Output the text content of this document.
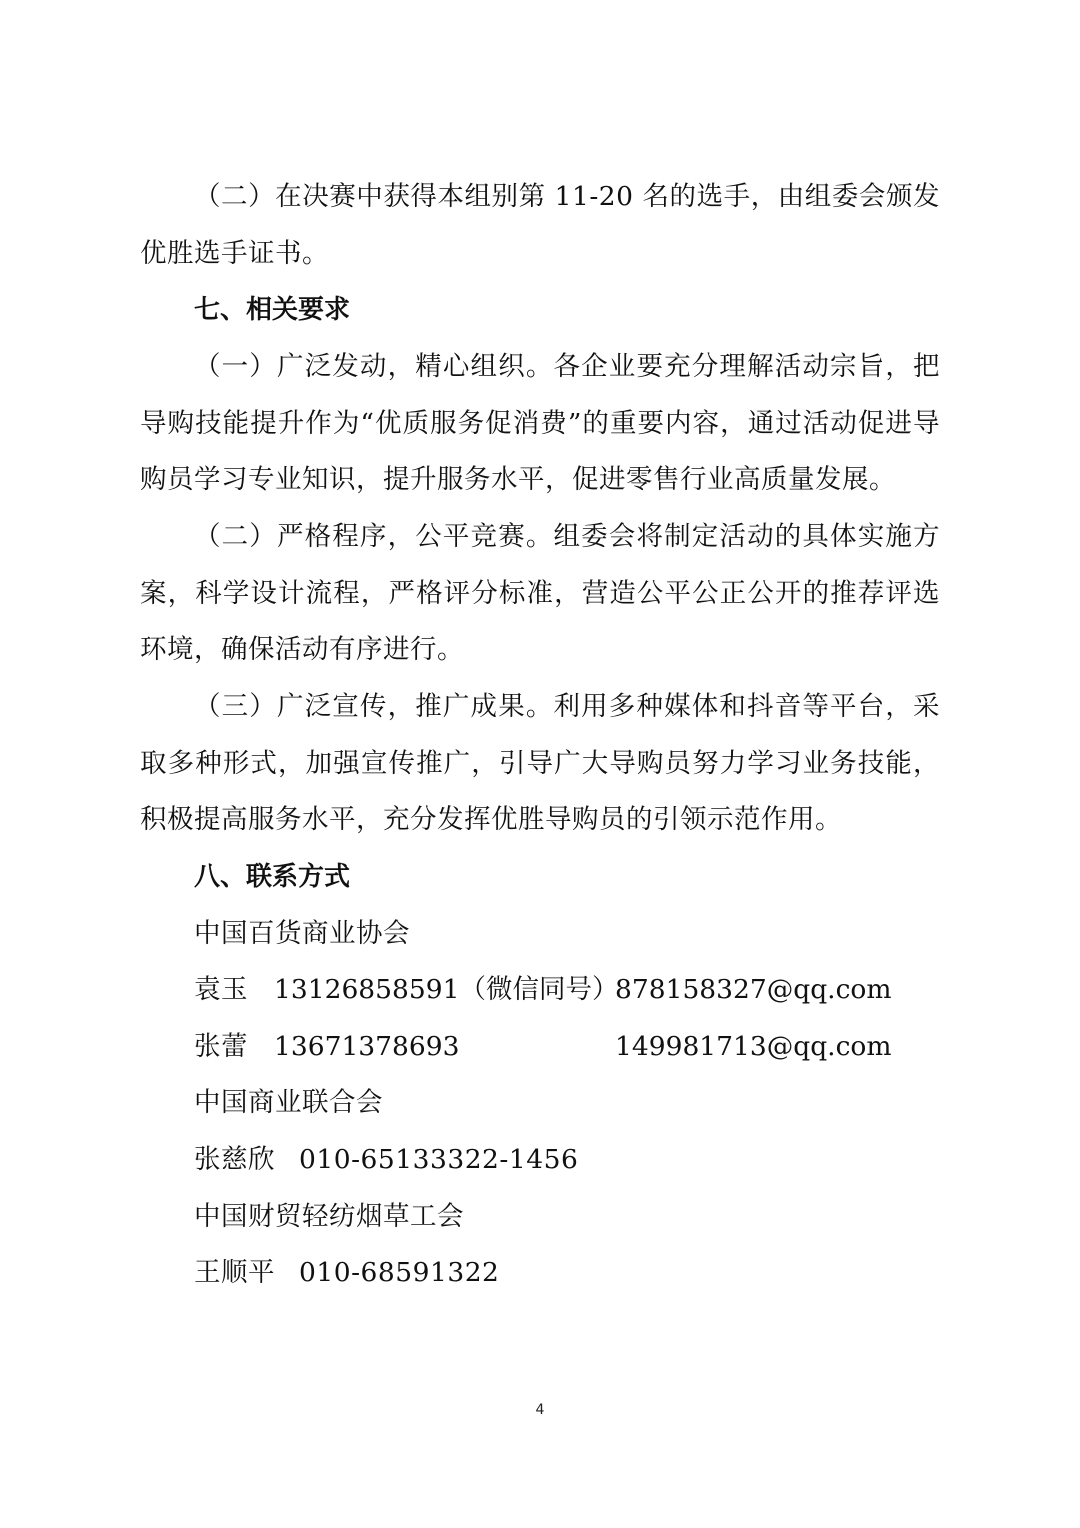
（二）在决赛中获得本组别第 11-20 名的选手，由组委会颁发优胜选手证书。

七、相关要求

（一）广泛发动，精心组织。各企业要充分理解活动宗旨，把导购技能提升作为“优质服务促消费”的重要内容，通过活动促进导购员学习专业知识，提升服务水平，促进零售行业高质量发展。

（二）严格程序，公平竞赛。组委会将制定活动的具体实施方案，科学设计流程，严格评分标准，营造公平公正公开的推荐评选环境，确保活动有序进行。

（三）广泛宣传，推广成果。利用多种媒体和抖音等平台，采取多种形式，加强宣传推广，引导广大导购员努力学习业务技能，积极提高服务水平，充分发挥优胜导购员的引领示范作用。

八、联系方式

中国百货商业协会

袁玉 13126858591（微信同号）
878158327@qq.com
张蕾 13671378693	149981713@qq.com

中国商业联合会

张慈欣 010-65133322-1456

中国财贸轻纺烟草工会

王顺平 010-68591322

4
